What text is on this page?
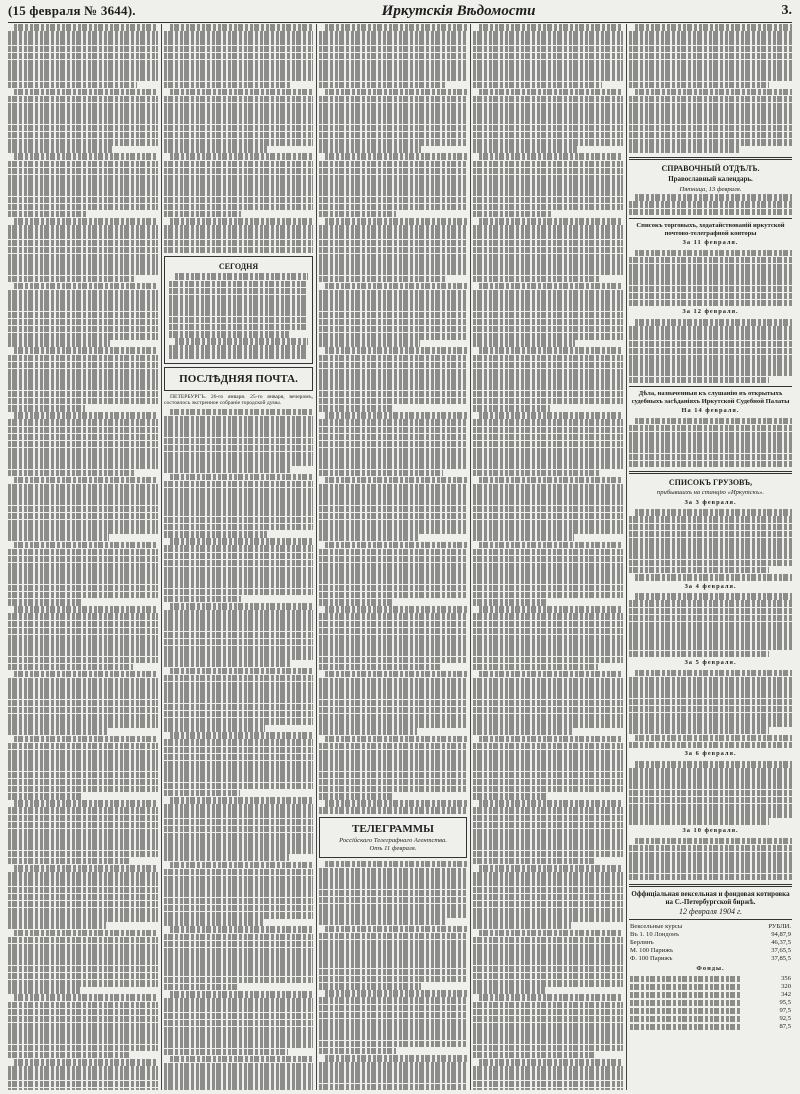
(15 февраля № 3644).	Иркутскія Вѣдомости	3.
СЕГОДНЯ
ПОСЛѢДНЯЯ ПОЧТА.

ПЕТЕРБУРГЪ. 26-го января. 25-го января, вечеромъ, состоялось экстренное собраніе городской думы.

ТЕЛЕГРАММЫ
Россійскаго Телеграфнаго Агентства.
Отъ 11 февраля.
СПРАВОЧНЫЙ ОТДѢЛЪ.
Православный календарь.
Пятница, 13 февраля.
Списокъ торговыхъ, ходатайствованій иркутской почтово-телеграфной конторы
За 11 февраля.
За 12 февраля.
Дѣла, назначенныя къ слушанію въ открытыхъ судебныхъ засѣданіяхъ Иркутской Судебной Палаты
На 14 февраля.
СПИСОКЪ ГРУЗОВЪ,
прибывшихъ на станцію «Иркутскъ».
За 3 февраля.
За 4 февраля.
За 5 февраля.
За 6 февраля.
За 10 февраля.
Оффиціальная вексельная и фондовая котировка на С.-Петербургской биржѣ.
12 февраля 1904 г.
Вексельные курсы	РУБЛИ.
Въ 1. 10 Лондонъ	94,87,9
Берлинъ	46,37,5
М. 100 Парижъ	37,65,5
Ф. 100 Парижъ	37,85,5
Фонды.
	356

	320

	342

	95,5

	97,5

	92,5

	87,5
